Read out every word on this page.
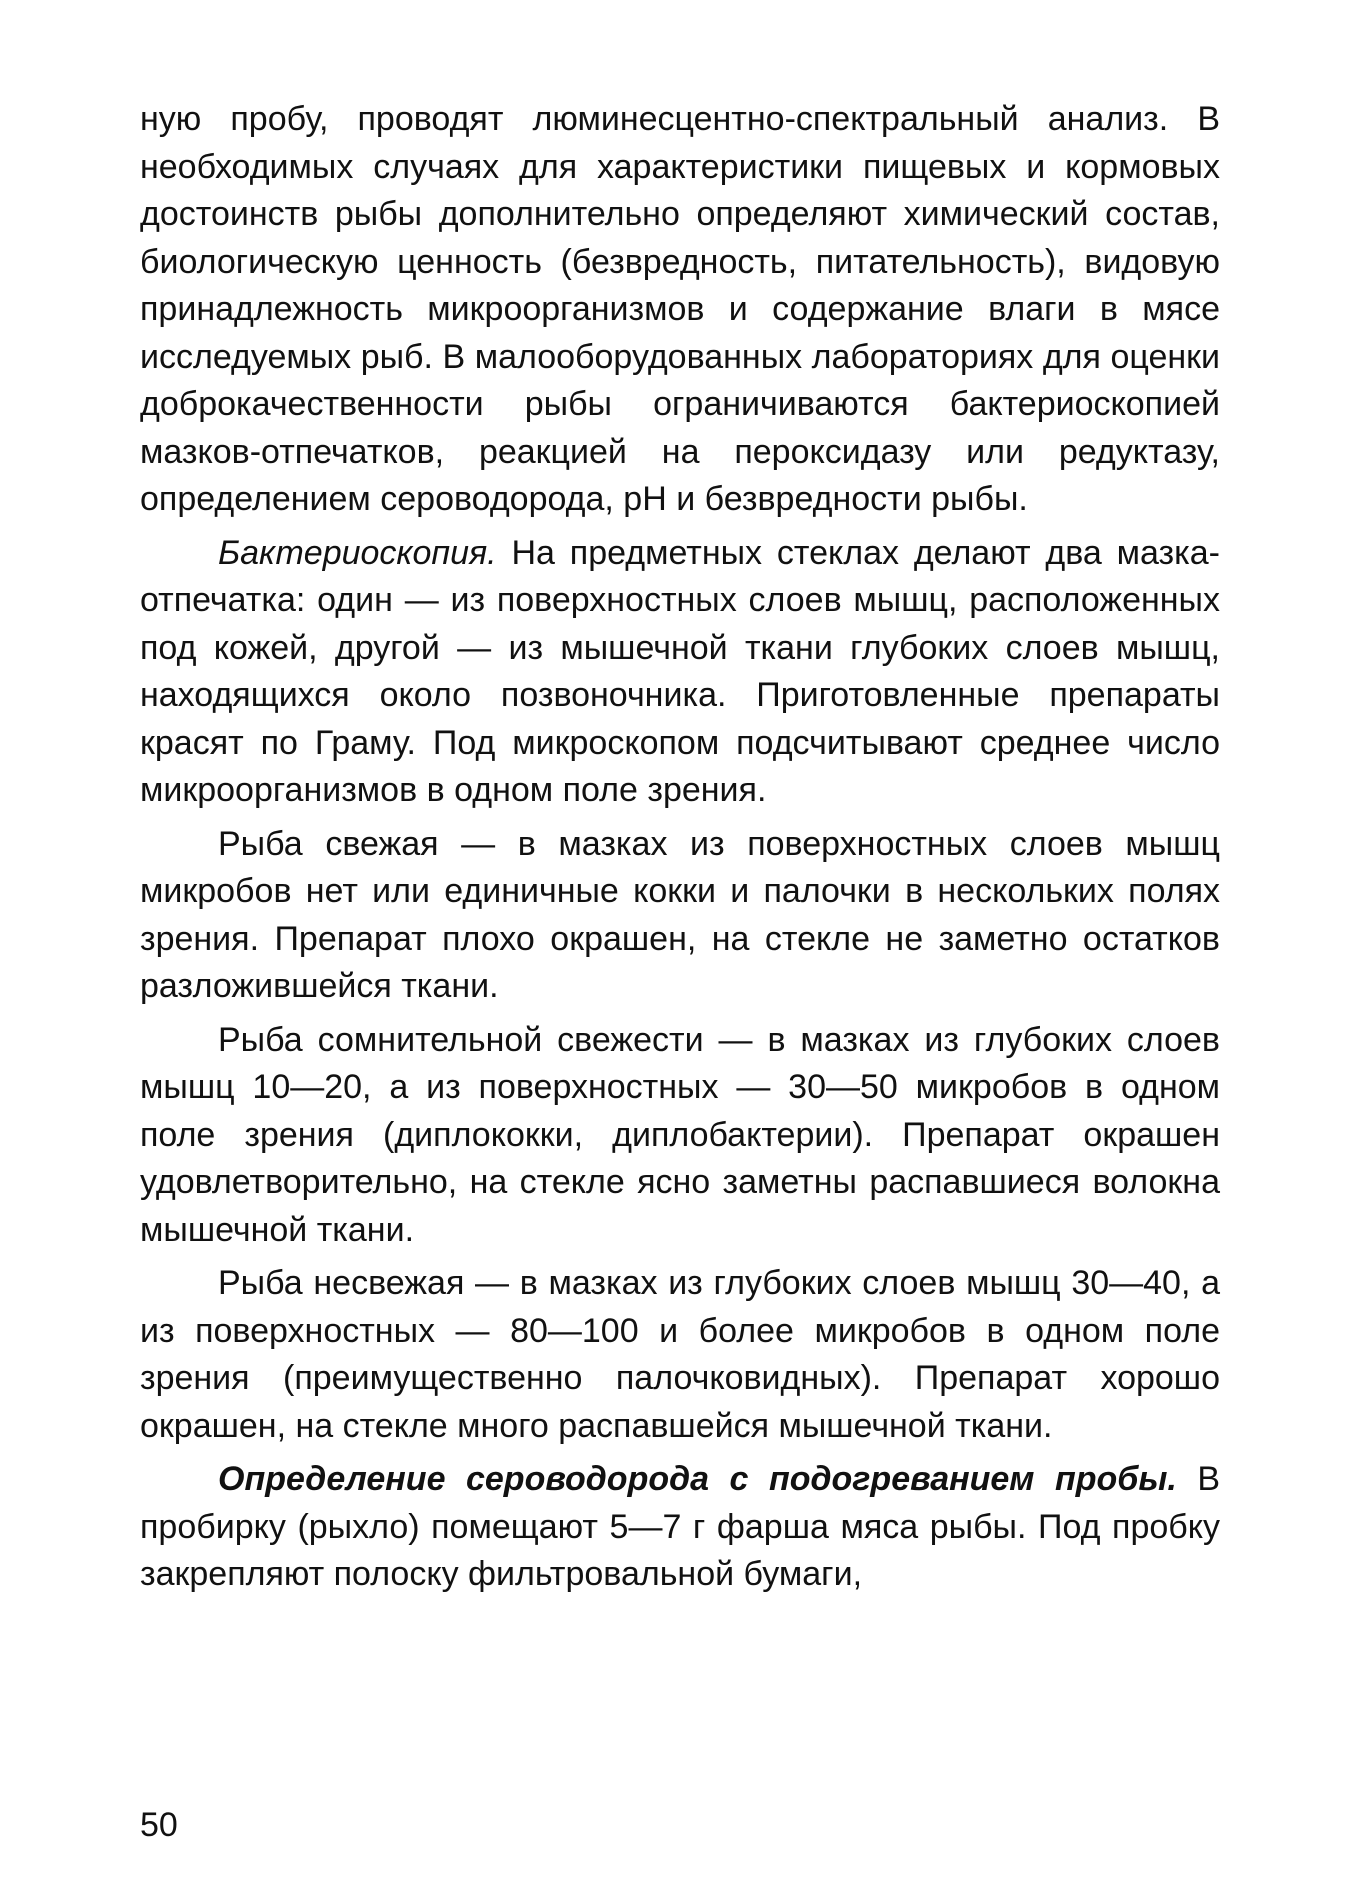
ную пробу, проводят люминесцентно-спектральный анализ. В необходимых случаях для характеристики пищевых и кормовых достоинств рыбы дополнительно определяют химический состав, биологическую ценность (безвредность, питательность), видовую принадлежность микроорганизмов и содержание влаги в мясе исследуемых рыб. В малооборудованных лабораториях для оценки доброкачественности рыбы ограничиваются бактериоскопией мазков-отпечатков, реакцией на пероксидазу или редуктазу, определением сероводорода, pH и безвредности рыбы.

Бактериоскопия. На предметных стеклах делают два мазка-отпечатка: один — из поверхностных слоев мышц, расположенных под кожей, другой — из мышечной ткани глубоких слоев мышц, находящихся около позвоночника. Приготовленные препараты красят по Граму. Под микроскопом подсчитывают среднее число микроорганизмов в одном поле зрения.

Рыба свежая — в мазках из поверхностных слоев мышц микробов нет или единичные кокки и палочки в нескольких полях зрения. Препарат плохо окрашен, на стекле не заметно остатков разложившейся ткани.

Рыба сомнительной свежести — в мазках из глубоких слоев мышц 10—20, а из поверхностных — 30—50 микробов в одном поле зрения (диплококки, диплобактерии). Препарат окрашен удовлетворительно, на стекле ясно заметны распавшиеся волокна мышечной ткани.

Рыба несвежая — в мазках из глубоких слоев мышц 30—40, а из поверхностных — 80—100 и более микробов в одном поле зрения (преимущественно палочковидных). Препарат хорошо окрашен, на стекле много распавшейся мышечной ткани.

Определение сероводорода с подогреванием пробы. В пробирку (рыхло) помещают 5—7 г фарша мяса рыбы. Под пробку закрепляют полоску фильтровальной бумаги,

50
